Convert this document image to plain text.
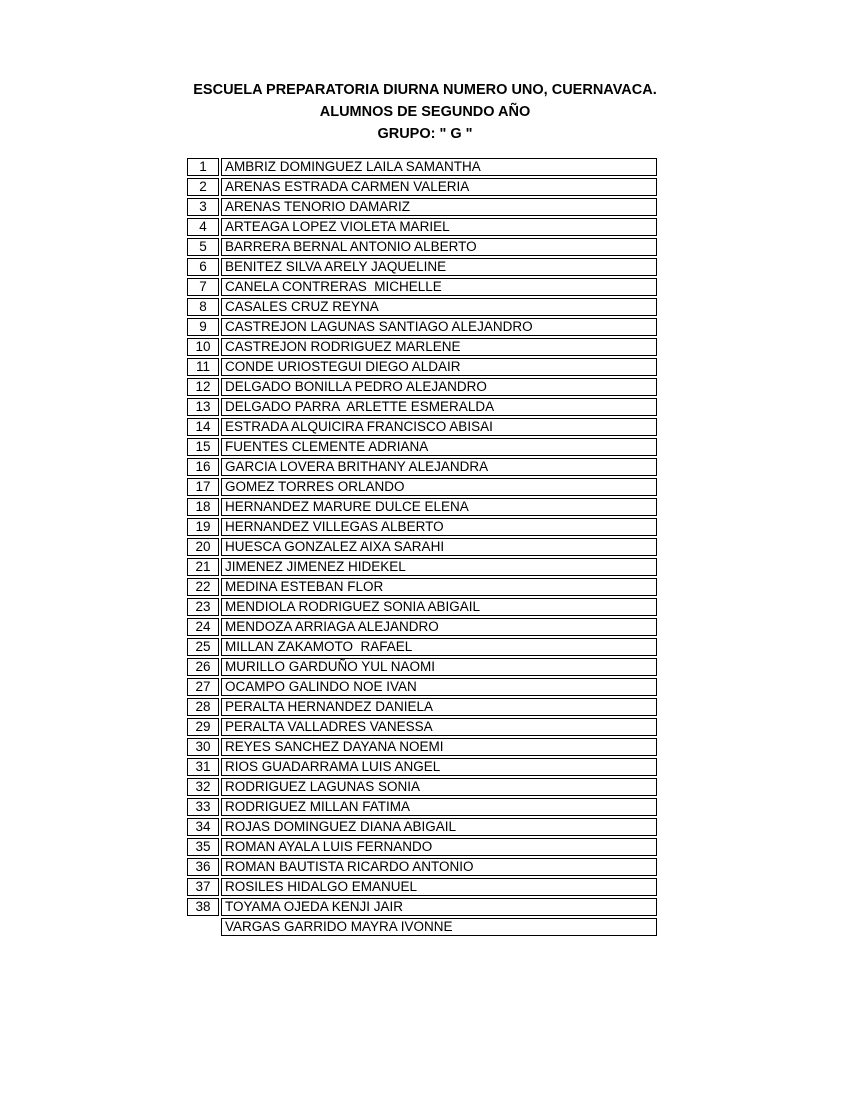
ESCUELA PREPARATORIA DIURNA NUMERO UNO, CUERNAVACA.
ALUMNOS DE SEGUNDO AÑO
GRUPO: " G "
1	AMBRIZ DOMINGUEZ LAILA SAMANTHA
2	ARENAS ESTRADA CARMEN VALERIA
3	ARENAS TENORIO DAMARIZ
4	ARTEAGA LOPEZ VIOLETA MARIEL
5	BARRERA BERNAL ANTONIO ALBERTO
6	BENITEZ SILVA ARELY JAQUELINE
7	CANELA CONTRERAS  MICHELLE
8	CASALES CRUZ REYNA
9	CASTREJON LAGUNAS SANTIAGO ALEJANDRO
10	CASTREJON RODRIGUEZ MARLENE
11	CONDE URIOSTEGUI DIEGO ALDAIR
12	DELGADO BONILLA PEDRO ALEJANDRO
13	DELGADO PARRA  ARLETTE ESMERALDA
14	ESTRADA ALQUICIRA FRANCISCO ABISAI
15	FUENTES CLEMENTE ADRIANA
16	GARCIA LOVERA BRITHANY ALEJANDRA
17	GOMEZ TORRES ORLANDO
18	HERNANDEZ MARURE DULCE ELENA
19	HERNANDEZ VILLEGAS ALBERTO
20	HUESCA GONZALEZ AIXA SARAHI
21	JIMENEZ JIMENEZ HIDEKEL
22	MEDINA ESTEBAN FLOR
23	MENDIOLA RODRIGUEZ SONIA ABIGAIL
24	MENDOZA ARRIAGA ALEJANDRO
25	MILLAN ZAKAMOTO  RAFAEL
26	MURILLO GARDUÑO YUL NAOMI
27	OCAMPO GALINDO NOE IVAN
28	PERALTA HERNANDEZ DANIELA
29	PERALTA VALLADRES VANESSA
30	REYES SANCHEZ DAYANA NOEMI
31	RIOS GUADARRAMA LUIS ANGEL
32	RODRIGUEZ LAGUNAS SONIA
33	RODRIGUEZ MILLAN FATIMA
34	ROJAS DOMINGUEZ DIANA ABIGAIL
35	ROMAN AYALA LUIS FERNANDO
36	ROMAN BAUTISTA RICARDO ANTONIO
37	ROSILES HIDALGO EMANUEL
38	TOYAMA OJEDA KENJI JAIR
	VARGAS GARRIDO MAYRA IVONNE
